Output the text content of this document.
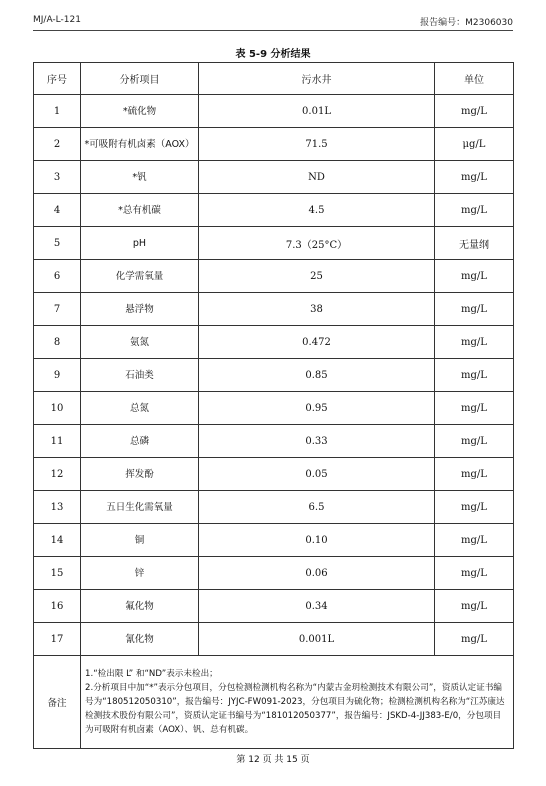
MJ/A-L-121	报告编号：M2306030
表 5-9 分析结果
序号	分析项目	污水井	单位
1	*硫化物	0.01L	mg/L
2	*可吸附有机卤素（AOX）	71.5	μg/L
3	*钒	ND	mg/L
4	*总有机碳	4.5	mg/L
5	pH	7.3（25°C）	无量纲
6	化学需氧量	25	mg/L
7	悬浮物	38	mg/L
8	氨氮	0.472	mg/L
9	石油类	0.85	mg/L
10	总氮	0.95	mg/L
11	总磷	0.33	mg/L
12	挥发酚	0.05	mg/L
13	五日生化需氧量	6.5	mg/L
14	铜	0.10	mg/L
15	锌	0.06	mg/L
16	氟化物	0.34	mg/L
17	氰化物	0.001L	mg/L
备注	1.“检出限 L” 和“ND”表示未检出；
2.分析项目中加“*”表示分包项目，分包检测检测机构名称为“内蒙古金玥检测技术有限公司”，资质认定证书编号为“180512050310”，报告编号：JYJC-FW091-2023，分包项目为硫化物；检测检测机构名称为“江苏康达检测技术股份有限公司”，资质认定证书编号为“181012050377”，报告编号：JSKD-4-JJ383-E/0，分包项目为可吸附有机卤素（AOX）、钒、总有机碳。		
第 12 页 共 15 页
